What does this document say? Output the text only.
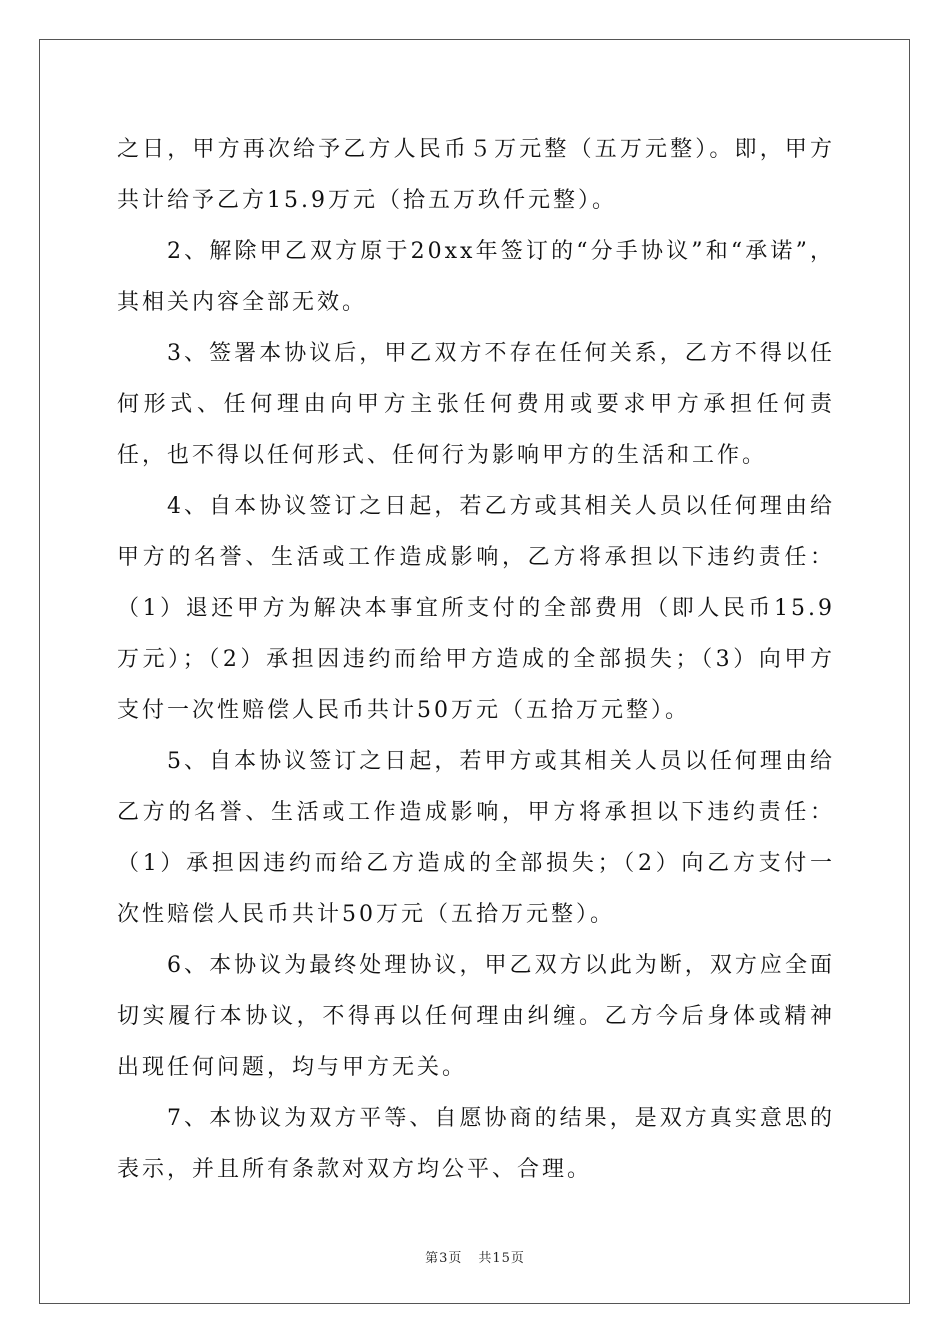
之日，甲方再次给予乙方人民币５万元整（五万元整）。即，甲方共计给予乙方15.9万元（拾五万玖仟元整）。

2、解除甲乙双方原于20xx年签订的“分手协议”和“承诺”，其相关内容全部无效。

3、签署本协议后，甲乙双方不存在任何关系，乙方不得以任何形式、任何理由向甲方主张任何费用或要求甲方承担任何责任，也不得以任何形式、任何行为影响甲方的生活和工作。

4、自本协议签订之日起，若乙方或其相关人员以任何理由给甲方的名誉、生活或工作造成影响，乙方将承担以下违约责任：（1）退还甲方为解决本事宜所支付的全部费用（即人民币15.9万元）；（2）承担因违约而给甲方造成的全部损失；（3）向甲方支付一次性赔偿人民币共计50万元（五拾万元整）。

5、自本协议签订之日起，若甲方或其相关人员以任何理由给乙方的名誉、生活或工作造成影响，甲方将承担以下违约责任：（1）承担因违约而给乙方造成的全部损失；（2）向乙方支付一次性赔偿人民币共计50万元（五拾万元整）。

6、本协议为最终处理协议，甲乙双方以此为断，双方应全面切实履行本协议，不得再以任何理由纠缠。乙方今后身体或精神出现任何问题，均与甲方无关。

7、本协议为双方平等、自愿协商的结果，是双方真实意思的表示，并且所有条款对双方均公平、合理。

第3页 共15页
